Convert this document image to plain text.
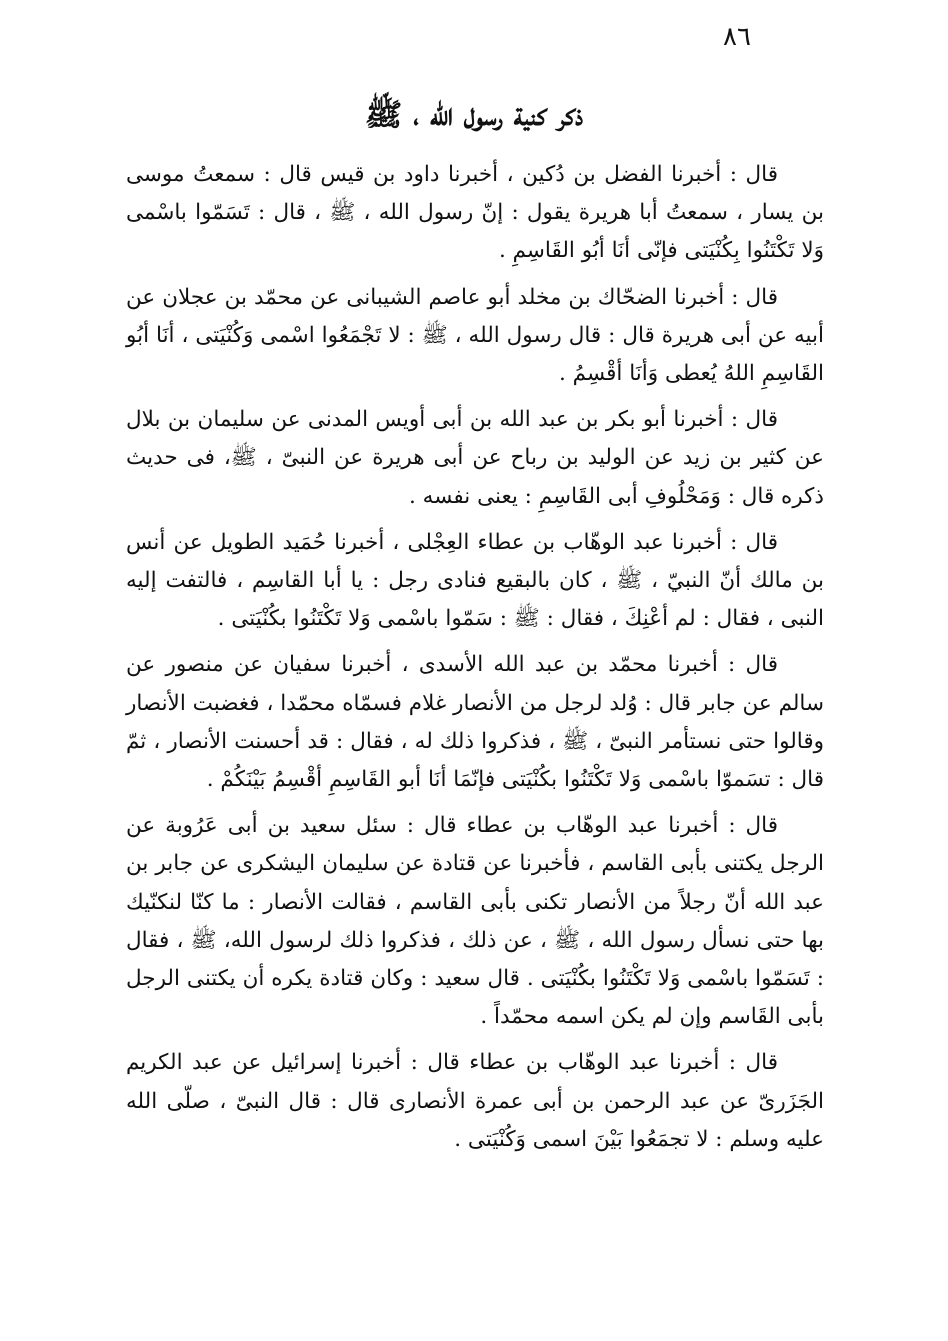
٨٦
ذكر كنية رسول الله ، ﷺ

قال : أخبرنا الفضل بن دُكين ، أخبرنا داود بن قيس قال : سمعتُ موسى بن يسار ، سمعتُ أبا هريرة يقول : إنّ رسول الله ، ﷺ ، قال : تَسَمّوا باسْمى وَلا تَكْتَنُوا بِكُنْيَتى فإنّى أنَا أبُو القَاسِمِ .

قال : أخبرنا الضحّاك بن مخلد أبو عاصم الشيبانى عن محمّد بن عجلان عن أبيه عن أبى هريرة قال : قال رسول الله ، ﷺ : لا تَجْمَعُوا اسْمى وَكُنْيَتى ، أنَا أبُو القَاسِمِ اللهُ يُعطى وَأنَا أقْسِمُ .

قال : أخبرنا أبو بكر بن عبد الله بن أبى أويس المدنى عن سليمان بن بلال عن كثير بن زيد عن الوليد بن رباح عن أبى هريرة عن النبىّ ، ﷺ، فى حديث ذكره قال : وَمَحْلُوفِ أبى القَاسِمِ : يعنى نفسه .

قال : أخبرنا عبد الوهّاب بن عطاء العِجْلى ، أخبرنا حُمَيد الطويل عن أنس بن مالك أنّ النبيّ ، ﷺ ، كان بالبقيع فنادى رجل : يا أبا القاسِم ، فالتفت إليه النبى ، فقال : لم أعْنِكَ ، فقال : ﷺ : سَمّوا باسْمى وَلا تَكْتَنُوا بكُنْيَتى .

قال : أخبرنا محمّد بن عبد الله الأسدى ، أخبرنا سفيان عن منصور عن سالم عن جابر قال : وُلد لرجل من الأنصار غلام فسمّاه محمّدا ، فغضبت الأنصار وقالوا حتى نستأمر النبىّ ، ﷺ ، فذكروا ذلك له ، فقال : قد أحسنت الأنصار ، ثمّ قال : تسَموّا باسْمى وَلا تَكْتَنُوا بكُنْيَتى فإنّمَا أنَا أبو القَاسِمِ أقْسِمُ بَيْنَكُمْ .

قال : أخبرنا عبد الوهّاب بن عطاء قال : سئل سعيد بن أبى عَرُوبة عن الرجل يكتنى بأبى القاسم ، فأخبرنا عن قتادة عن سليمان اليشكرى عن جابر بن عبد الله أنّ رجلاً من الأنصار تكنى بأبى القاسم ، فقالت الأنصار : ما كنّا لنكنّيك بها حتى نسأل رسول الله ، ﷺ ، عن ذلك ، فذكروا ذلك لرسول الله، ﷺ ، فقال : تَسَمّوا باسْمى وَلا تَكْتَنُوا بكُنْيَتى . قال سعيد : وكان قتادة يكره أن يكتنى الرجل بأبى القَاسم وإن لم يكن اسمه محمّداً .

قال : أخبرنا عبد الوهّاب بن عطاء قال : أخبرنا إسرائيل عن عبد الكريم الجَزَرىّ عن عبد الرحمن بن أبى عمرة الأنصارى قال : قال النبىّ ، صلّى الله عليه وسلم : لا تجمَعُوا بَيْنَ اسمى وَكُنْيَتى .
